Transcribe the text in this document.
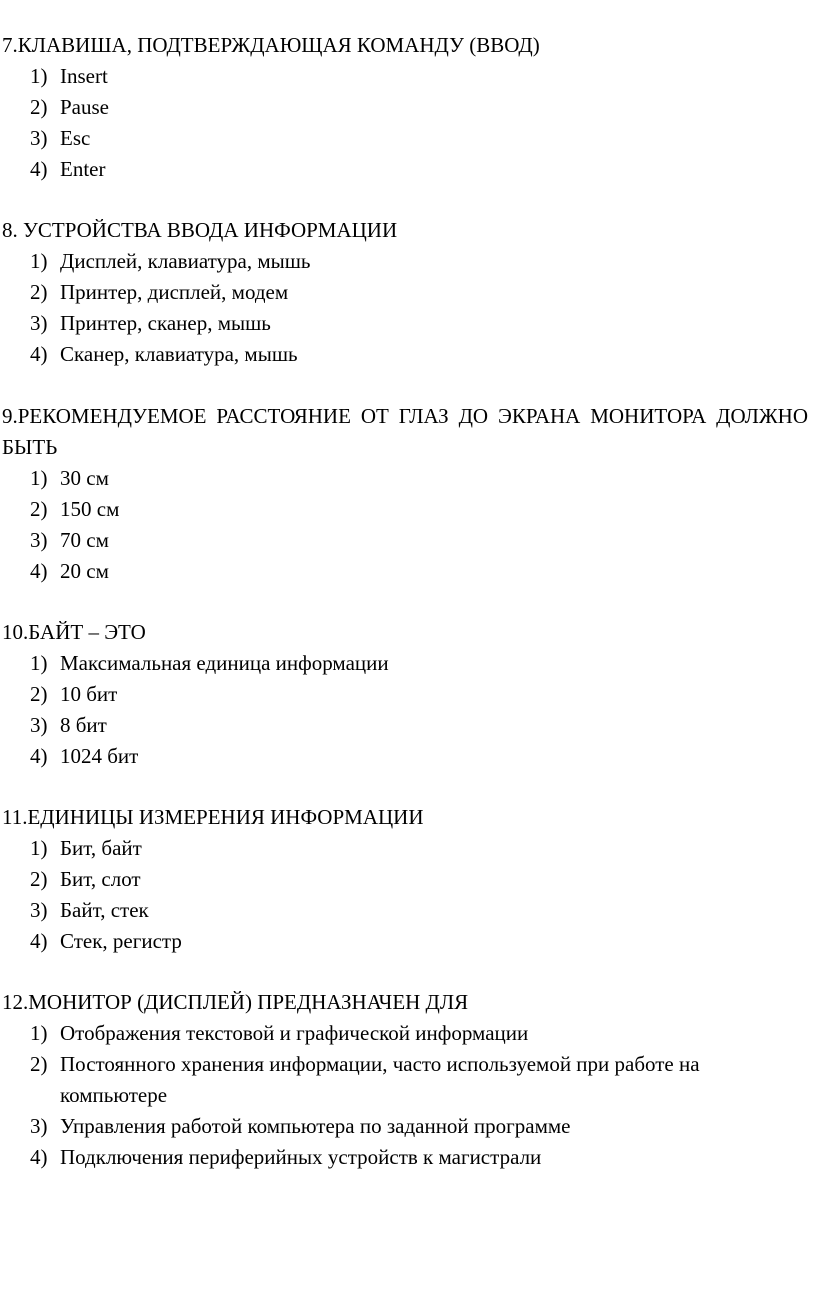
7.КЛАВИША, ПОДТВЕРЖДАЮЩАЯ КОМАНДУ (ВВОД)

1) Insert
2) Pause
3) Esc
4) Enter

8. УСТРОЙСТВА ВВОДА ИНФОРМАЦИИ

1) Дисплей, клавиатура, мышь
2) Принтер, дисплей, модем
3) Принтер, сканер, мышь
4) Сканер, клавиатура, мышь

9.РЕКОМЕНДУЕМОЕ РАССТОЯНИЕ ОТ ГЛАЗ ДО ЭКРАНА МОНИТОРА ДОЛЖНО БЫТЬ

1) 30 см
2) 150 см
3) 70 см
4) 20 см

10.БАЙТ – ЭТО

1) Максимальная единица информации
2) 10 бит
3) 8 бит
4) 1024 бит

11.ЕДИНИЦЫ ИЗМЕРЕНИЯ ИНФОРМАЦИИ

1) Бит, байт
2) Бит, слот
3) Байт, стек
4) Стек, регистр

12.МОНИТОР (ДИСПЛЕЙ) ПРЕДНАЗНАЧЕН ДЛЯ

1) Отображения текстовой и графической информации
2) Постоянного хранения информации, часто используемой при работе на компьютере
3) Управления работой компьютера по заданной программе
4) Подключения периферийных устройств к магистрали
